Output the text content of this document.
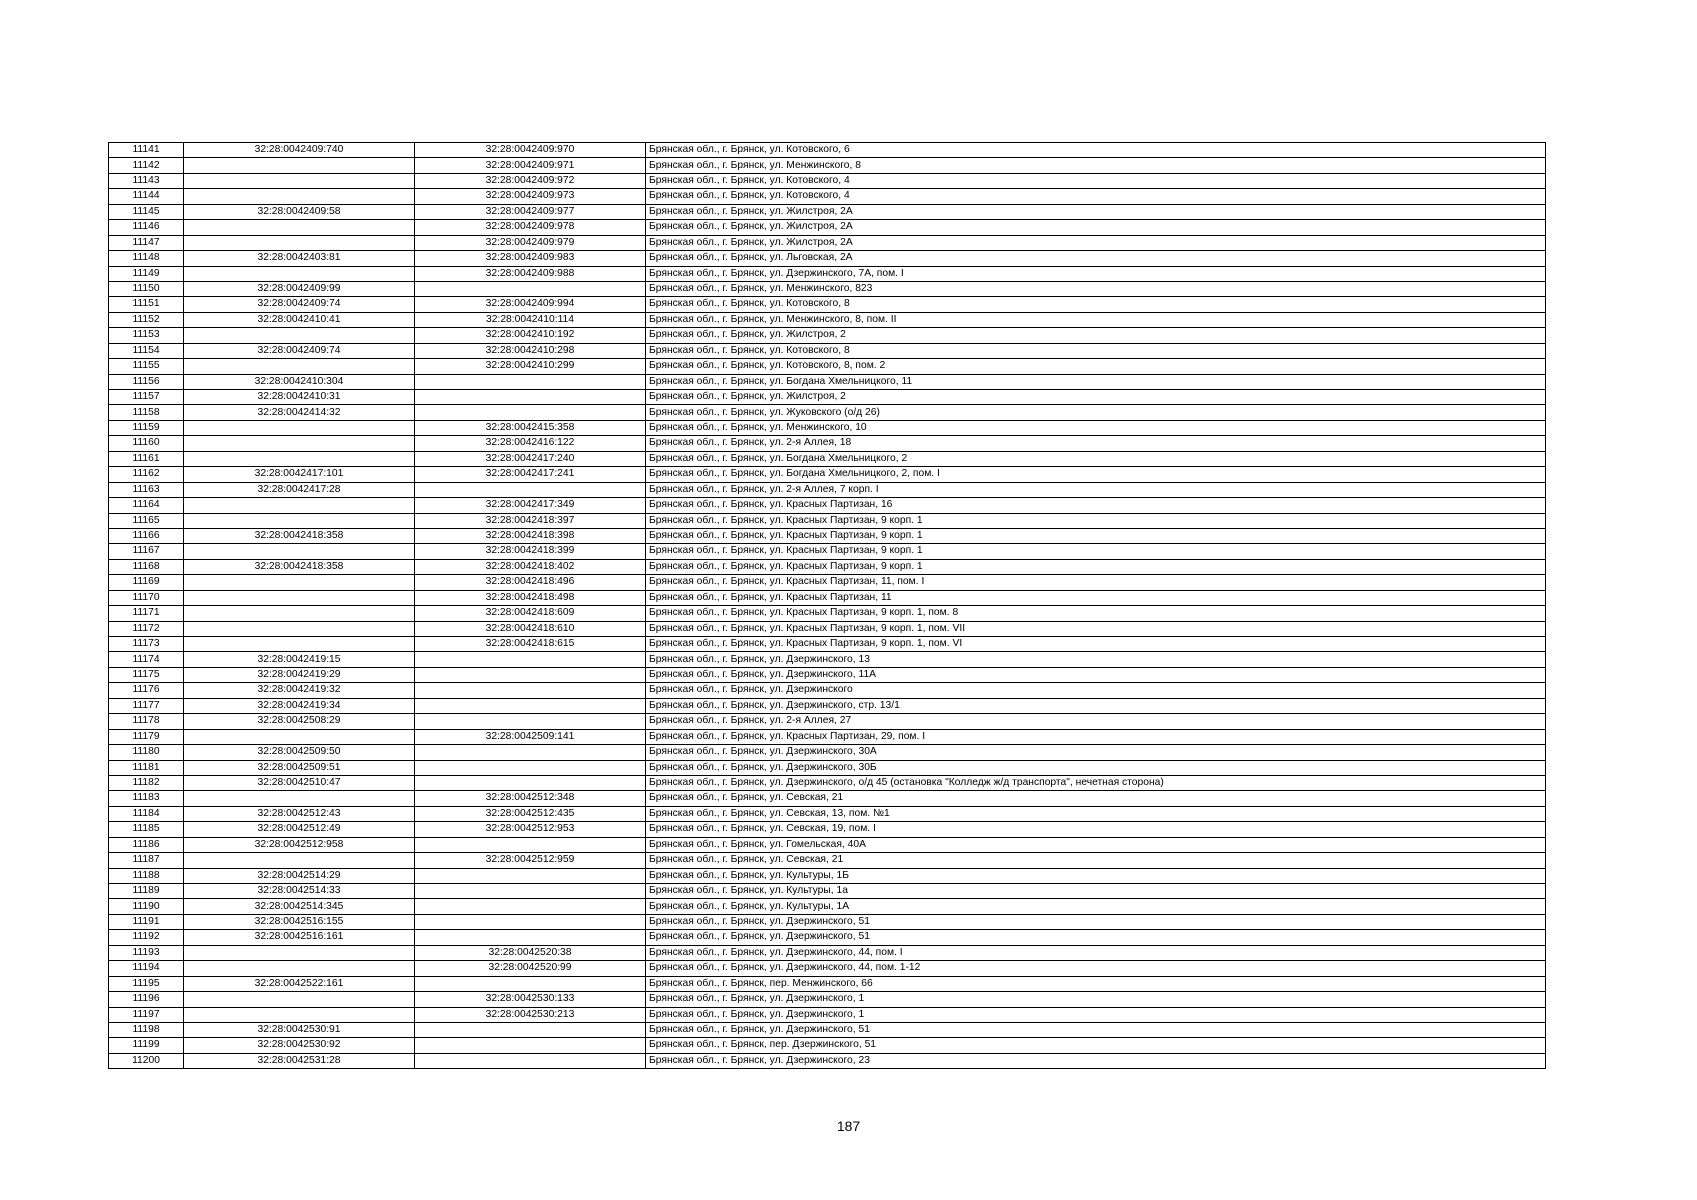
11141	32:28:0042409:740	32:28:0042409:970	Брянская обл., г. Брянск, ул. Котовского, 6
11142		32:28:0042409:971	Брянская обл., г. Брянск, ул. Менжинского, 8
11143		32:28:0042409:972	Брянская обл., г. Брянск, ул. Котовского, 4
11144		32:28:0042409:973	Брянская обл., г. Брянск, ул. Котовского, 4
11145	32:28:0042409:58	32:28:0042409:977	Брянская обл., г. Брянск, ул. Жилстроя, 2А
11146		32:28:0042409:978	Брянская обл., г. Брянск, ул. Жилстроя, 2А
11147		32:28:0042409:979	Брянская обл., г. Брянск, ул. Жилстроя, 2А
11148	32:28:0042403:81	32:28:0042409:983	Брянская обл., г. Брянск, ул. Льговская, 2А
11149		32:28:0042409:988	Брянская обл., г. Брянск, ул. Дзержинского, 7А, пом. I
11150	32:28:0042409:99		Брянская обл., г. Брянск, ул. Менжинского, 823
11151	32:28:0042409:74	32:28:0042409:994	Брянская обл., г. Брянск, ул. Котовского, 8
11152	32:28:0042410:41	32:28:0042410:114	Брянская обл., г. Брянск, ул. Менжинского, 8, пом. II
11153		32:28:0042410:192	Брянская обл., г. Брянск, ул. Жилстроя, 2
11154	32:28:0042409:74	32:28:0042410:298	Брянская обл., г. Брянск, ул. Котовского, 8
11155		32:28:0042410:299	Брянская обл., г. Брянск, ул. Котовского, 8, пом. 2
11156	32:28:0042410:304		Брянская обл., г. Брянск, ул. Богдана Хмельницкого, 11
11157	32:28:0042410:31		Брянская обл., г. Брянск, ул. Жилстроя, 2
11158	32:28:0042414:32		Брянская обл., г. Брянск, ул. Жуковского (о/д 26)
11159		32:28:0042415:358	Брянская обл., г. Брянск, ул. Менжинского, 10
11160		32:28:0042416:122	Брянская обл., г. Брянск, ул. 2-я Аллея, 18
11161		32:28:0042417:240	Брянская обл., г. Брянск, ул. Богдана Хмельницкого, 2
11162	32:28:0042417:101	32:28:0042417:241	Брянская обл., г. Брянск, ул. Богдана Хмельницкого, 2, пом. I
11163	32:28:0042417:28		Брянская обл., г. Брянск, ул. 2-я Аллея, 7 корп. I
11164		32:28:0042417:349	Брянская обл., г. Брянск, ул. Красных Партизан, 16
11165		32:28:0042418:397	Брянская обл., г. Брянск, ул. Красных Партизан, 9 корп. 1
11166	32:28:0042418:358	32:28:0042418:398	Брянская обл., г. Брянск, ул. Красных Партизан, 9 корп. 1
11167		32:28:0042418:399	Брянская обл., г. Брянск, ул. Красных Партизан, 9 корп. 1
11168	32:28:0042418:358	32:28:0042418:402	Брянская обл., г. Брянск, ул. Красных Партизан, 9 корп. 1
11169		32:28:0042418:496	Брянская обл., г. Брянск, ул. Красных Партизан, 11, пом. I
11170		32:28:0042418:498	Брянская обл., г. Брянск, ул. Красных Партизан, 11
11171		32:28:0042418:609	Брянская обл., г. Брянск, ул. Красных Партизан, 9 корп. 1, пом. 8
11172		32:28:0042418:610	Брянская обл., г. Брянск, ул. Красных Партизан, 9 корп. 1, пом. VII
11173		32:28:0042418:615	Брянская обл., г. Брянск, ул. Красных Партизан, 9 корп. 1, пом. VI
11174	32:28:0042419:15		Брянская обл., г. Брянск, ул. Дзержинского, 13
11175	32:28:0042419:29		Брянская обл., г. Брянск, ул. Дзержинского, 11А
11176	32:28:0042419:32		Брянская обл., г. Брянск, ул. Дзержинского
11177	32:28:0042419:34		Брянская обл., г. Брянск, ул. Дзержинского, стр. 13/1
11178	32:28:0042508:29		Брянская обл., г. Брянск, ул. 2-я Аллея, 27
11179		32:28:0042509:141	Брянская обл., г. Брянск, ул. Красных Партизан, 29, пом. I
11180	32:28:0042509:50		Брянская обл., г. Брянск, ул. Дзержинского, 30А
11181	32:28:0042509:51		Брянская обл., г. Брянск, ул. Дзержинского, 30Б
11182	32:28:0042510:47		Брянская обл., г. Брянск, ул. Дзержинского, о/д 45 (остановка "Колледж ж/д транспорта", нечетная сторона)
11183		32:28:0042512:348	Брянская обл., г. Брянск, ул. Севская, 21
11184	32:28:0042512:43	32:28:0042512:435	Брянская обл., г. Брянск, ул. Севская, 13, пом. №1
11185	32:28:0042512:49	32:28:0042512:953	Брянская обл., г. Брянск, ул. Севская, 19, пом. I
11186	32:28:0042512:958		Брянская обл., г. Брянск, ул. Гомельская, 40А
11187		32:28:0042512:959	Брянская обл., г. Брянск, ул. Севская, 21
11188	32:28:0042514:29		Брянская обл., г. Брянск, ул. Культуры, 1Б
11189	32:28:0042514:33		Брянская обл., г. Брянск, ул. Культуры, 1а
11190	32:28:0042514:345		Брянская обл., г. Брянск, ул. Культуры, 1А
11191	32:28:0042516:155		Брянская обл., г. Брянск, ул. Дзержинского, 51
11192	32:28:0042516:161		Брянская обл., г. Брянск, ул. Дзержинского, 51
11193		32:28:0042520:38	Брянская обл., г. Брянск, ул. Дзержинского, 44, пом. I
11194		32:28:0042520:99	Брянская обл., г. Брянск, ул. Дзержинского, 44, пом. 1-12
11195	32:28:0042522:161		Брянская обл., г. Брянск, пер. Менжинского, 66
11196		32:28:0042530:133	Брянская обл., г. Брянск, ул. Дзержинского, 1
11197		32:28:0042530:213	Брянская обл., г. Брянск, ул. Дзержинского, 1
11198	32:28:0042530:91		Брянская обл., г. Брянск, ул. Дзержинского, 51
11199	32:28:0042530:92		Брянская обл., г. Брянск, пер. Дзержинского, 51
11200	32:28:0042531:28		Брянская обл., г. Брянск, ул. Дзержинского, 23
187
